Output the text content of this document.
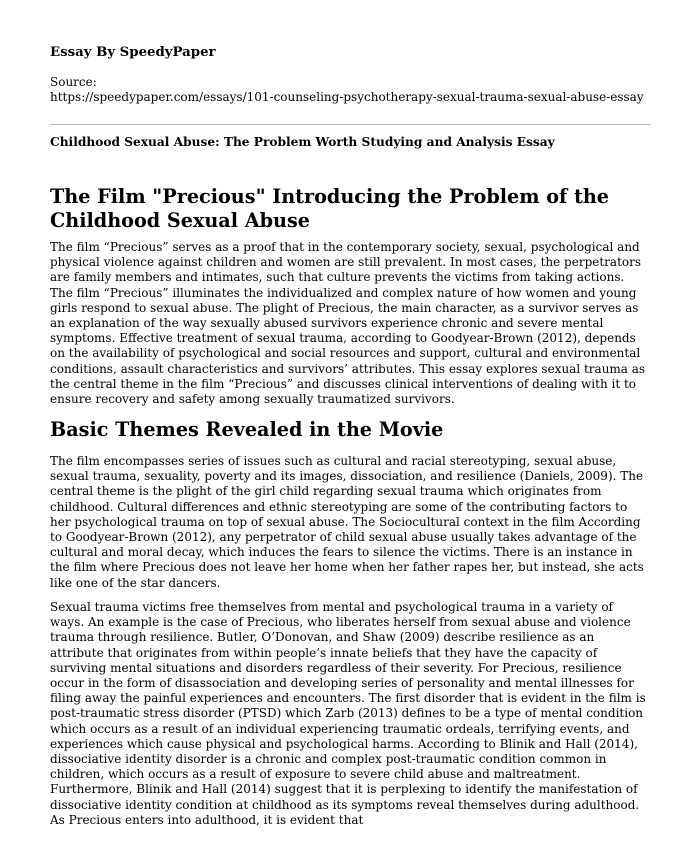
Essay By SpeedyPaper
Source:
https://speedypaper.com/essays/101-counseling-psychotherapy-sexual-trauma-sexual-abuse-essay
Childhood Sexual Abuse: The Problem Worth Studying and Analysis Essay
The Film "Precious" Introducing the Problem of the Childhood Sexual Abuse

The film “Precious” serves as a proof that in the contemporary society, sexual, psychological and physical violence against children and women are still prevalent. In most cases, the perpetrators are family members and intimates, such that culture prevents the victims from taking actions. The film “Precious” illuminates the individualized and complex nature of how women and young girls respond to sexual abuse. The plight of Precious, the main character, as a survivor serves as an explanation of the way sexually abused survivors experience chronic and severe mental symptoms. Effective treatment of sexual trauma, according to Goodyear-Brown (2012), depends on the availability of psychological and social resources and support, cultural and environmental conditions, assault characteristics and survivors’ attributes. This essay explores sexual trauma as the central theme in the film “Precious” and discusses clinical interventions of dealing with it to ensure recovery and safety among sexually traumatized survivors.

Basic Themes Revealed in the Movie

The film encompasses series of issues such as cultural and racial stereotyping, sexual abuse, sexual trauma, sexuality, poverty and its images, dissociation, and resilience (Daniels, 2009). The central theme is the plight of the girl child regarding sexual trauma which originates from childhood. Cultural differences and ethnic stereotyping are some of the contributing factors to her psychological trauma on top of sexual abuse. The Sociocultural context in the film According to Goodyear-Brown (2012), any perpetrator of child sexual abuse usually takes advantage of the cultural and moral decay, which induces the fears to silence the victims. There is an instance in the film where Precious does not leave her home when her father rapes her, but instead, she acts like one of the star dancers.

Sexual trauma victims free themselves from mental and psychological trauma in a variety of ways. An example is the case of Precious, who liberates herself from sexual abuse and violence trauma through resilience. Butler, O’Donovan, and Shaw (2009) describe resilience as an attribute that originates from within people’s innate beliefs that they have the capacity of surviving mental situations and disorders regardless of their severity. For Precious, resilience occur in the form of disassociation and developing series of personality and mental illnesses for filing away the painful experiences and encounters. The first disorder that is evident in the film is post-traumatic stress disorder (PTSD) which Zarb (2013) defines to be a type of mental condition which occurs as a result of an individual experiencing traumatic ordeals, terrifying events, and experiences which cause physical and psychological harms. According to Blinik and Hall (2014), dissociative identity disorder is a chronic and complex post-traumatic condition common in children, which occurs as a result of exposure to severe child abuse and maltreatment. Furthermore, Blinik and Hall (2014) suggest that it is perplexing to identify the manifestation of dissociative identity condition at childhood as its symptoms reveal themselves during adulthood. As Precious enters into adulthood, it is evident that
